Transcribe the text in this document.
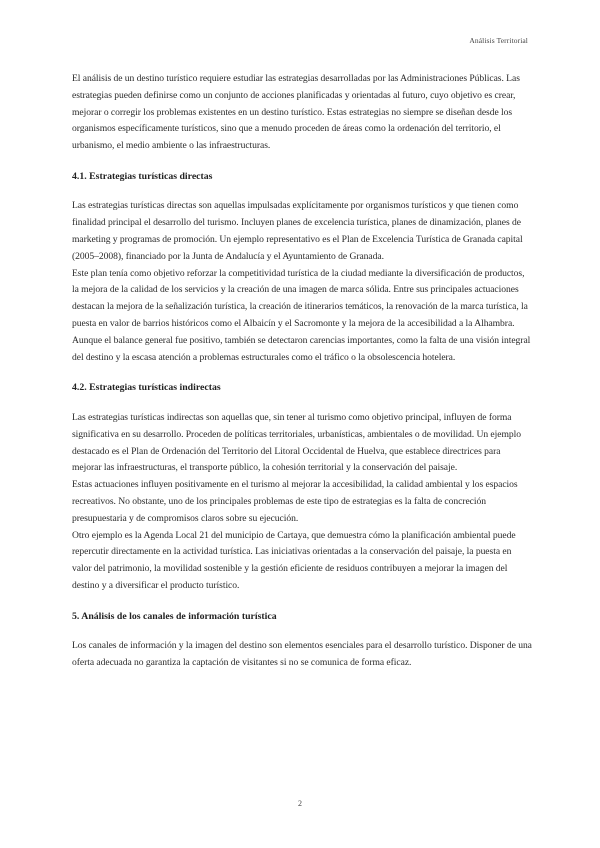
Análisis Territorial

El análisis de un destino turístico requiere estudiar las estrategias desarrolladas por las Administraciones Públicas. Las estrategias pueden definirse como un conjunto de acciones planificadas y orientadas al futuro, cuyo objetivo es crear, mejorar o corregir los problemas existentes en un destino turístico. Estas estrategias no siempre se diseñan desde los organismos específicamente turísticos, sino que a menudo proceden de áreas como la ordenación del territorio, el urbanismo, el medio ambiente o las infraestructuras.

4.1. Estrategias turísticas directas

Las estrategias turísticas directas son aquellas impulsadas explícitamente por organismos turísticos y que tienen como finalidad principal el desarrollo del turismo. Incluyen planes de excelencia turística, planes de dinamización, planes de marketing y programas de promoción. Un ejemplo representativo es el Plan de Excelencia Turística de Granada capital (2005–2008), financiado por la Junta de Andalucía y el Ayuntamiento de Granada.

Este plan tenía como objetivo reforzar la competitividad turística de la ciudad mediante la diversificación de productos, la mejora de la calidad de los servicios y la creación de una imagen de marca sólida. Entre sus principales actuaciones destacan la mejora de la señalización turística, la creación de itinerarios temáticos, la renovación de la marca turística, la puesta en valor de barrios históricos como el Albaicín y el Sacromonte y la mejora de la accesibilidad a la Alhambra. Aunque el balance general fue positivo, también se detectaron carencias importantes, como la falta de una visión integral del destino y la escasa atención a problemas estructurales como el tráfico o la obsolescencia hotelera.

4.2. Estrategias turísticas indirectas

Las estrategias turísticas indirectas son aquellas que, sin tener al turismo como objetivo principal, influyen de forma significativa en su desarrollo. Proceden de políticas territoriales, urbanísticas, ambientales o de movilidad. Un ejemplo destacado es el Plan de Ordenación del Territorio del Litoral Occidental de Huelva, que establece directrices para mejorar las infraestructuras, el transporte público, la cohesión territorial y la conservación del paisaje.

Estas actuaciones influyen positivamente en el turismo al mejorar la accesibilidad, la calidad ambiental y los espacios recreativos. No obstante, uno de los principales problemas de este tipo de estrategias es la falta de concreción presupuestaria y de compromisos claros sobre su ejecución.

Otro ejemplo es la Agenda Local 21 del municipio de Cartaya, que demuestra cómo la planificación ambiental puede repercutir directamente en la actividad turística. Las iniciativas orientadas a la conservación del paisaje, la puesta en valor del patrimonio, la movilidad sostenible y la gestión eficiente de residuos contribuyen a mejorar la imagen del destino y a diversificar el producto turístico.

5. Análisis de los canales de información turística

Los canales de información y la imagen del destino son elementos esenciales para el desarrollo turístico. Disponer de una oferta adecuada no garantiza la captación de visitantes si no se comunica de forma eficaz.

2
